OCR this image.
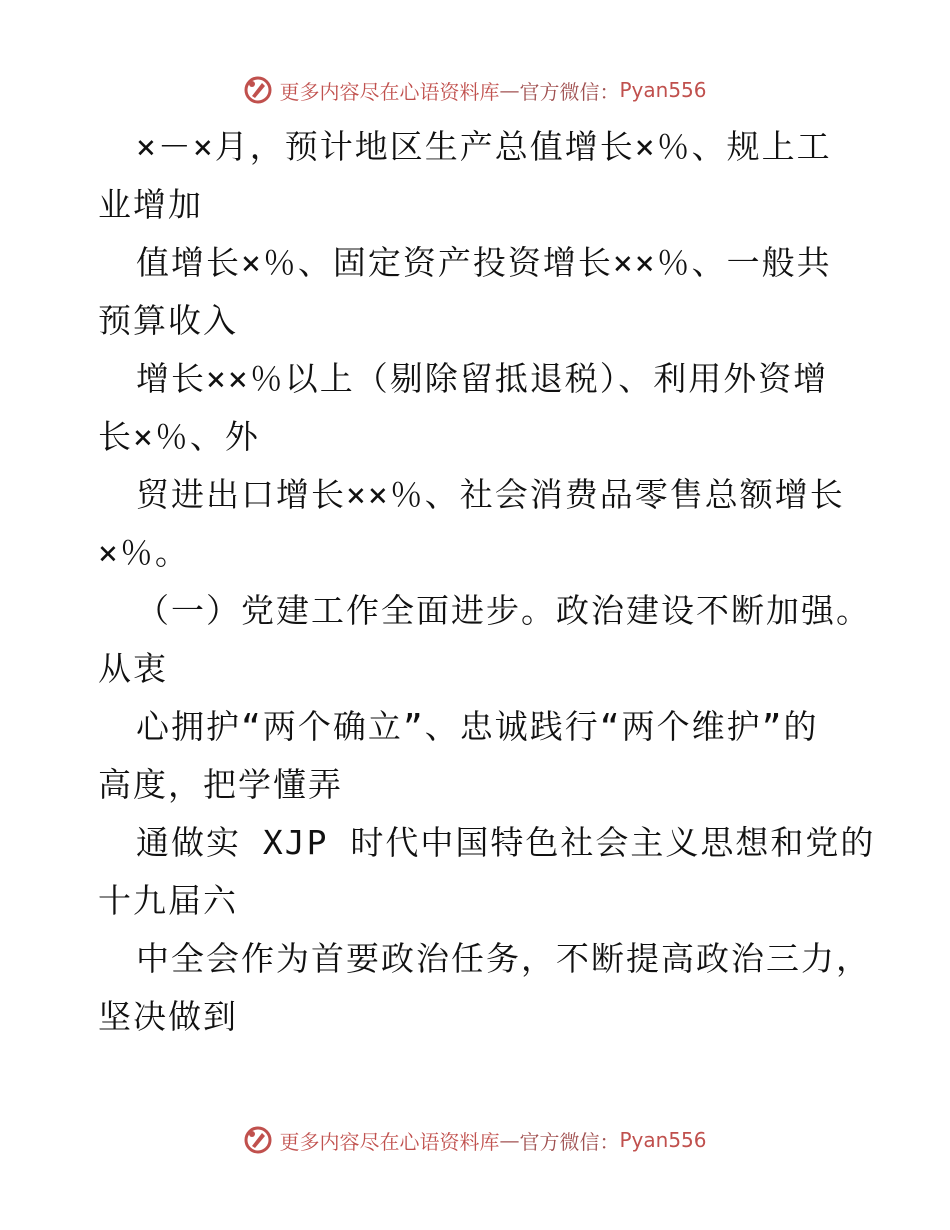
更多内容尽在心语资料库 — 官方微信： Pyan556
×－×月，预计地区生产总值增长×％、规上工
业增加
值增长×％、固定资产投资增长××％、一般共
预算收入
增长××％以上（剔除留抵退税）、利用外资增
长×％、外
贸进出口增长××％、社会消费品零售总额增长
×％。
（一）党建工作全面进步。政治建设不断加强。
从衷
心拥护“两个确立”、忠诚践行“两个维护”的
高度，把学懂弄
通做实 XJP 时代中国特色社会主义思想和党的
十九届六
中全会作为首要政治任务，不断提高政治三力，
坚决做到
更多内容尽在心语资料库 — 官方微信： Pyan556
